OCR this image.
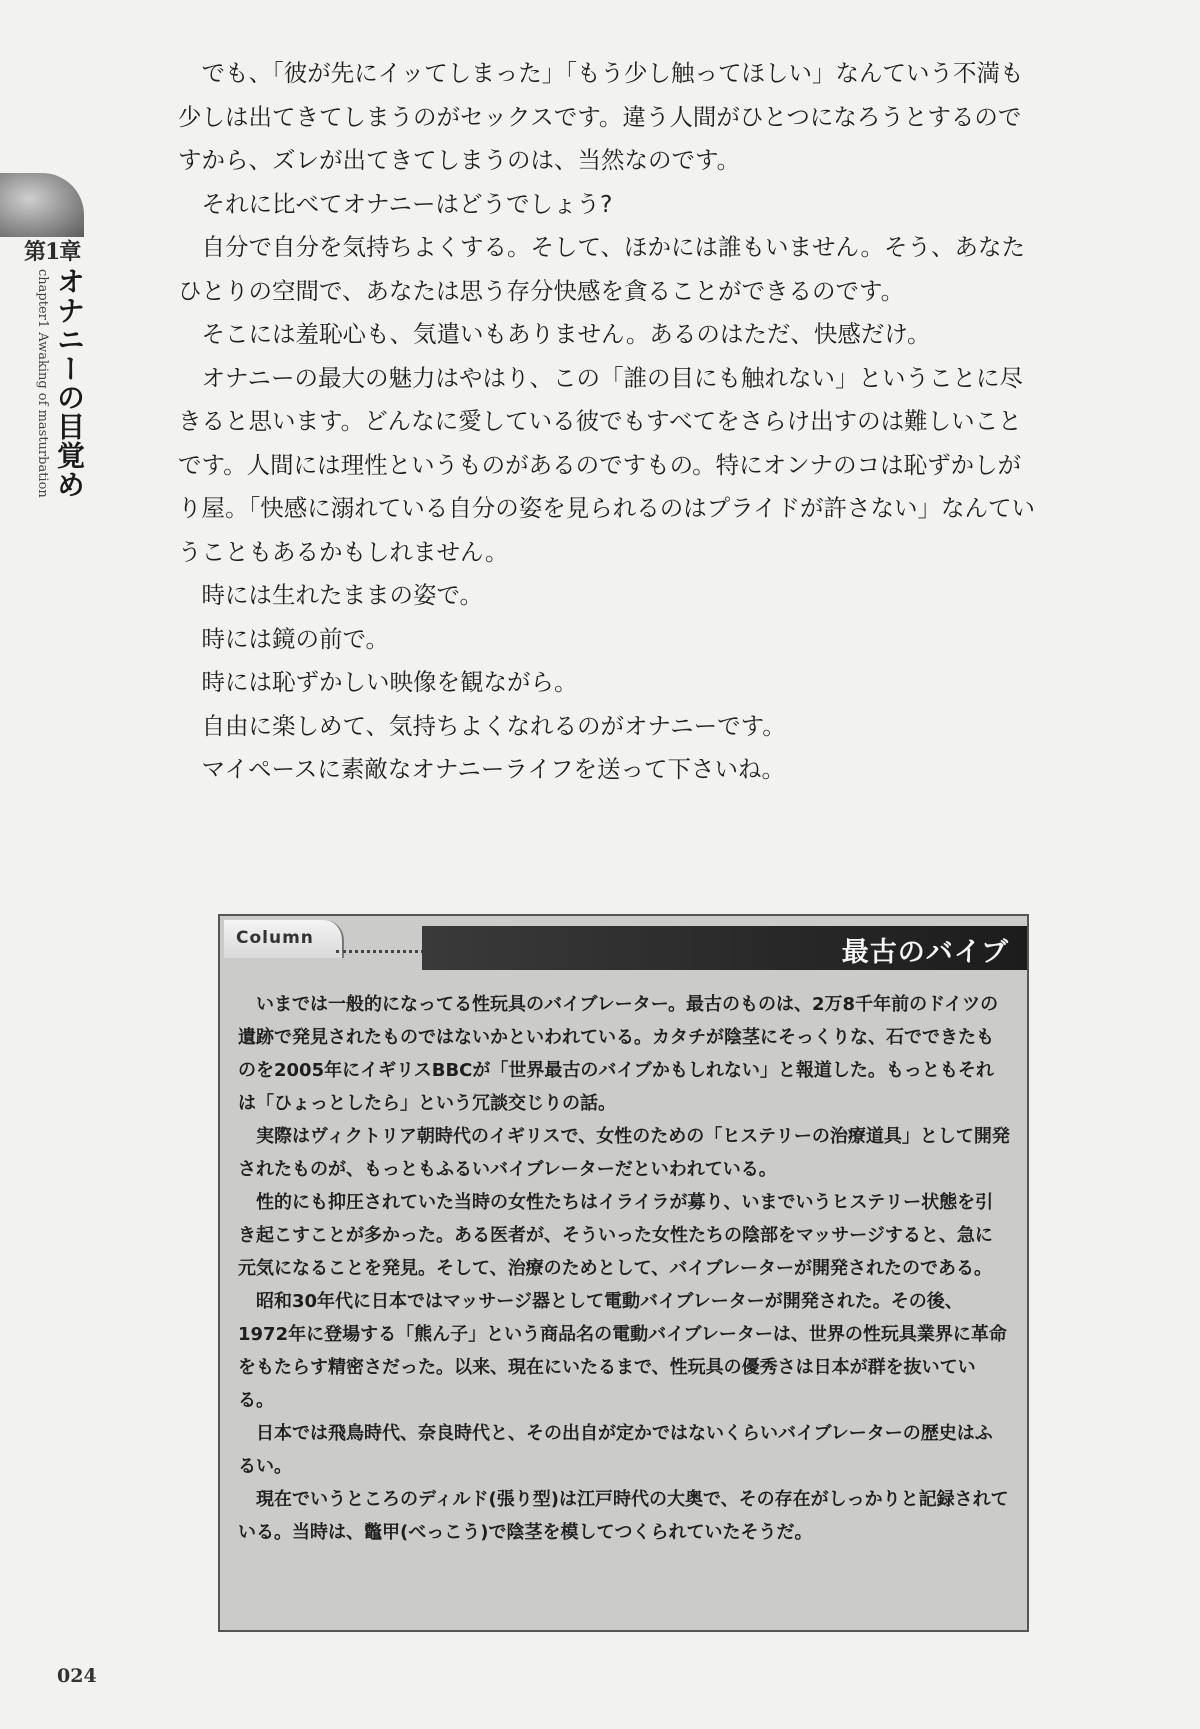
第1章
chapter1 Awaking of masturbation オナニーの目覚め

でも、「彼が先にイッてしまった」「もう少し触ってほしい」なんていう不満も少しは出てきてしまうのがセックスです。違う人間がひとつになろうとするのですから、ズレが出てきてしまうのは、当然なのです。

それに比べてオナニーはどうでしょう?

自分で自分を気持ちよくする。そして、ほかには誰もいません。そう、あなたひとりの空間で、あなたは思う存分快感を貪ることができるのです。

そこには羞恥心も、気遣いもありません。あるのはただ、快感だけ。

オナニーの最大の魅力はやはり、この「誰の目にも触れない」ということに尽きると思います。どんなに愛している彼でもすべてをさらけ出すのは難しいことです。人間には理性というものがあるのですもの。特にオンナのコは恥ずかしがり屋。「快感に溺れている自分の姿を見られるのはプライドが許さない」なんていうこともあるかもしれません。

時には生れたままの姿で。

時には鏡の前で。

時には恥ずかしい映像を観ながら。

自由に楽しめて、気持ちよくなれるのがオナニーです。

マイペースに素敵なオナニーライフを送って下さいね。

Column	最古のバイブ

いまでは一般的になってる性玩具のバイブレーター。最古のものは、2万8千年前のドイツの遺跡で発見されたものではないかといわれている。カタチが陰茎にそっくりな、石でできたものを2005年にイギリスBBCが「世界最古のバイブかもしれない」と報道した。もっともそれは「ひょっとしたら」という冗談交じりの話。

実際はヴィクトリア朝時代のイギリスで、女性のための「ヒステリーの治療道具」として開発されたものが、もっともふるいバイブレーターだといわれている。

性的にも抑圧されていた当時の女性たちはイライラが募り、いまでいうヒステリー状態を引き起こすことが多かった。ある医者が、そういった女性たちの陰部をマッサージすると、急に元気になることを発見。そして、治療のためとして、バイブレーターが開発されたのである。

昭和30年代に日本ではマッサージ器として電動バイブレーターが開発された。その後、1972年に登場する「熊ん子」という商品名の電動バイブレーターは、世界の性玩具業界に革命をもたらす精密さだった。以来、現在にいたるまで、性玩具の優秀さは日本が群を抜いている。

日本では飛鳥時代、奈良時代と、その出自が定かではないくらいバイブレーターの歴史はふるい。

現在でいうところのディルド(張り型)は江戸時代の大奥で、その存在がしっかりと記録されている。当時は、鼈甲(べっこう)で陰茎を模してつくられていたそうだ。

024
